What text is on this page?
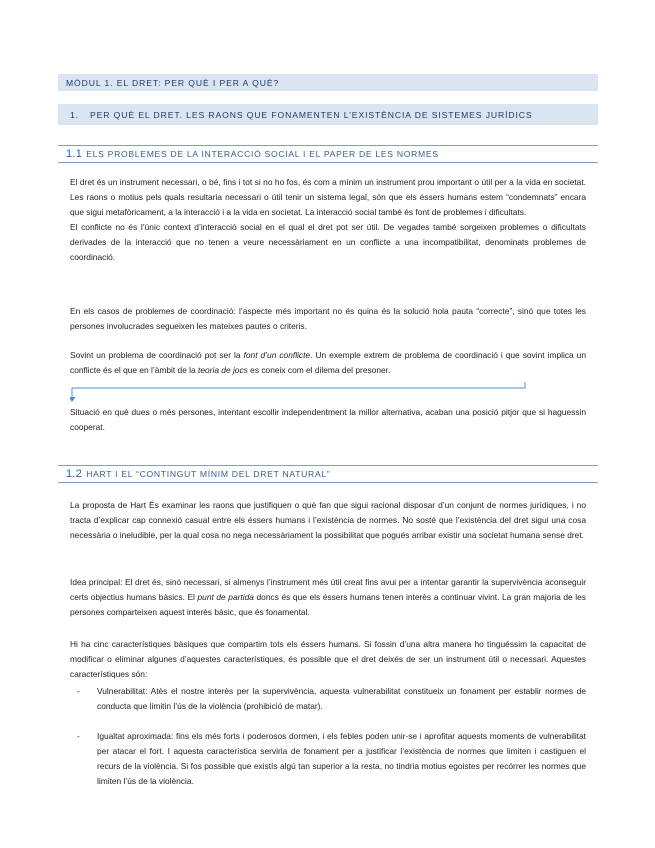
MÒDUL 1. EL DRET: PER QUÈ I PER A QUÈ?
1. PER QUÈ EL DRET. LES RAONS QUE FONAMENTEN L’EXISTÈNCIA DE SISTEMES JURÍDICS
1.1 ELS PROBLEMES DE LA INTERACCIÓ SOCIAL I EL PAPER DE LES NORMES

El dret és un instrument necessari, o bé, fins i tot si no ho fos, és com a mínim un instrument prou important o útil per a la vida en societat. Les raons o motius pels quals resultaria necessari o útil tenir un sistema legal, són que els éssers humans estem “condemnats” encara que sigui metafòricament, a la interacció i a la vida en societat. La interacció social també és font de problemes i dificultats.
El conflicte no és l’únic context d’interacció social en el qual el dret pot ser útil. De vegades també sorgeixen problemes o dificultats derivades de la interacció que no tenen a veure necessàriament en un conflicte a una incompatibilitat, denominats problemes de coordinació.

En els casos de problemes de coordinació: l’aspecte més important no és quina és la solució hola pauta “correcte”, sinó que totes les persones involucrades segueixen les mateixes pautes o criteris.

Sovint un problema de coordinació pot ser la font d’un conflicte. Un exemple extrem de problema de coordinació i que sovint implica un conflicte és el que en l’àmbit de la teoria de jocs es coneix com el dilema del presoner.

Situació en què dues o més persones, intentant escollir independentment la millor alternativa, acaban una posició pitjor que si haguessin cooperat.

1.2 HART I EL “CONTINGUT MÍNIM DEL DRET NATURAL”

La proposta de Hart És examinar les raons que justifiquen o què fan que sigui racional disposar d’un conjunt de normes jurídiques, i no tracta d’explicar cap connexió casual entre els éssers humans i l’existència de normes. No sosté que l’existència del dret sigui una cosa necessària o ineludible, per la qual cosa no nega necessàriament la possibilitat que pogués arribar existir una societat humana sense dret.

Idea principal: El dret és, sinó necessari, si almenys l’instrument més útil creat fins avui per a intentar garantir la supervivència aconseguir certs objectius humans bàsics. El punt de partida doncs és que els éssers humans tenen interès a continuar vivint. La gran majoria de les persones comparteixen aquest interès bàsic, que és fonamental.

Hi ha cinc característiques bàsiques que compartim tots els éssers humans. Si fossin d’una altra manera ho tinguéssim la capacitat de modificar o eliminar algunes d’aquestes característiques, és possible que el dret deixés de ser un instrument útil o necessari. Aquestes característiques són:

- Vulnerabilitat: Atès el nostre interès per la supervivència, aquesta vulnerabilitat constitueix un fonament per establir normes de conducta que limitin l’ús de la violència (prohibició de matar).
- Igualtat aproximada: fins els més forts i poderosos dormen, i els febles poden unir-se i aprofitar aquests moments de vulnerabilitat per atacar el fort. I aquesta característica serviria de fonament per a justificar l’existència de normes que limiten i castiguen el recurs de la violència. Si fos possible que existís algú tan superior a la resta, no tindria motius egoistes per recórrer les normes que limiten l’ús de la violència.
